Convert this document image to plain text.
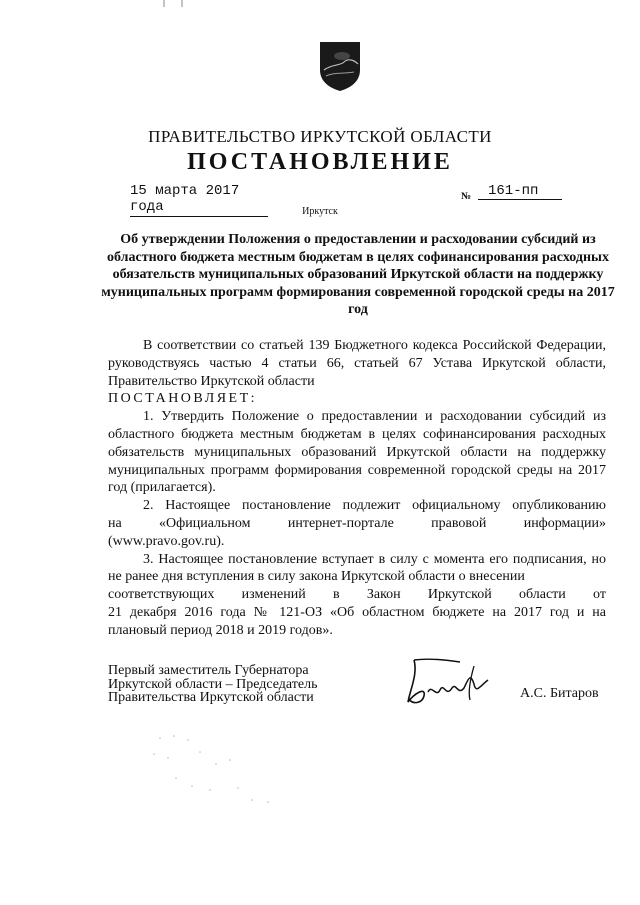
ПРАВИТЕЛЬСТВО ИРКУТСКОЙ ОБЛАСТИ
ПОСТАНОВЛЕНИЕ
15 марта 2017 года
№	161-пп
Иркутск
Об утверждении Положения о предоставлении и расходовании субсидий из областного бюджета местным бюджетам в целях софинансирования расходных обязательств муниципальных образований Иркутской области на поддержку муниципальных программ формирования современной городской среды на 2017 год

В соответствии со статьей 139 Бюджетного кодекса Российской Федерации, руководствуясь частью 4 статьи 66, статьей 67 Устава Иркутской области, Правительство Иркутской области

ПОСТАНОВЛЯЕТ:

1. Утвердить Положение о предоставлении и расходовании субсидий из областного бюджета местным бюджетам в целях софинансирования расходных обязательств муниципальных образований Иркутской области на поддержку муниципальных программ формирования современной городской среды на 2017 год (прилагается).

2. Настоящее постановление подлежит официальному опубликованию

на «Официальном интернет-портале правовой информации»

(www.pravo.gov.ru).

3. Настоящее постановление вступает в силу с момента его подписания, но не ранее дня вступления в силу закона Иркутской области о внесении

соответствующих изменений в Закон Иркутской области от

21 декабря 2016 года № 121-ОЗ «Об областном бюджете на 2017 год и на плановый период 2018 и 2019 годов».

Первый заместитель Губернатора
Иркутской области – Председатель
Правительства Иркутской области	А.С. Битаров
